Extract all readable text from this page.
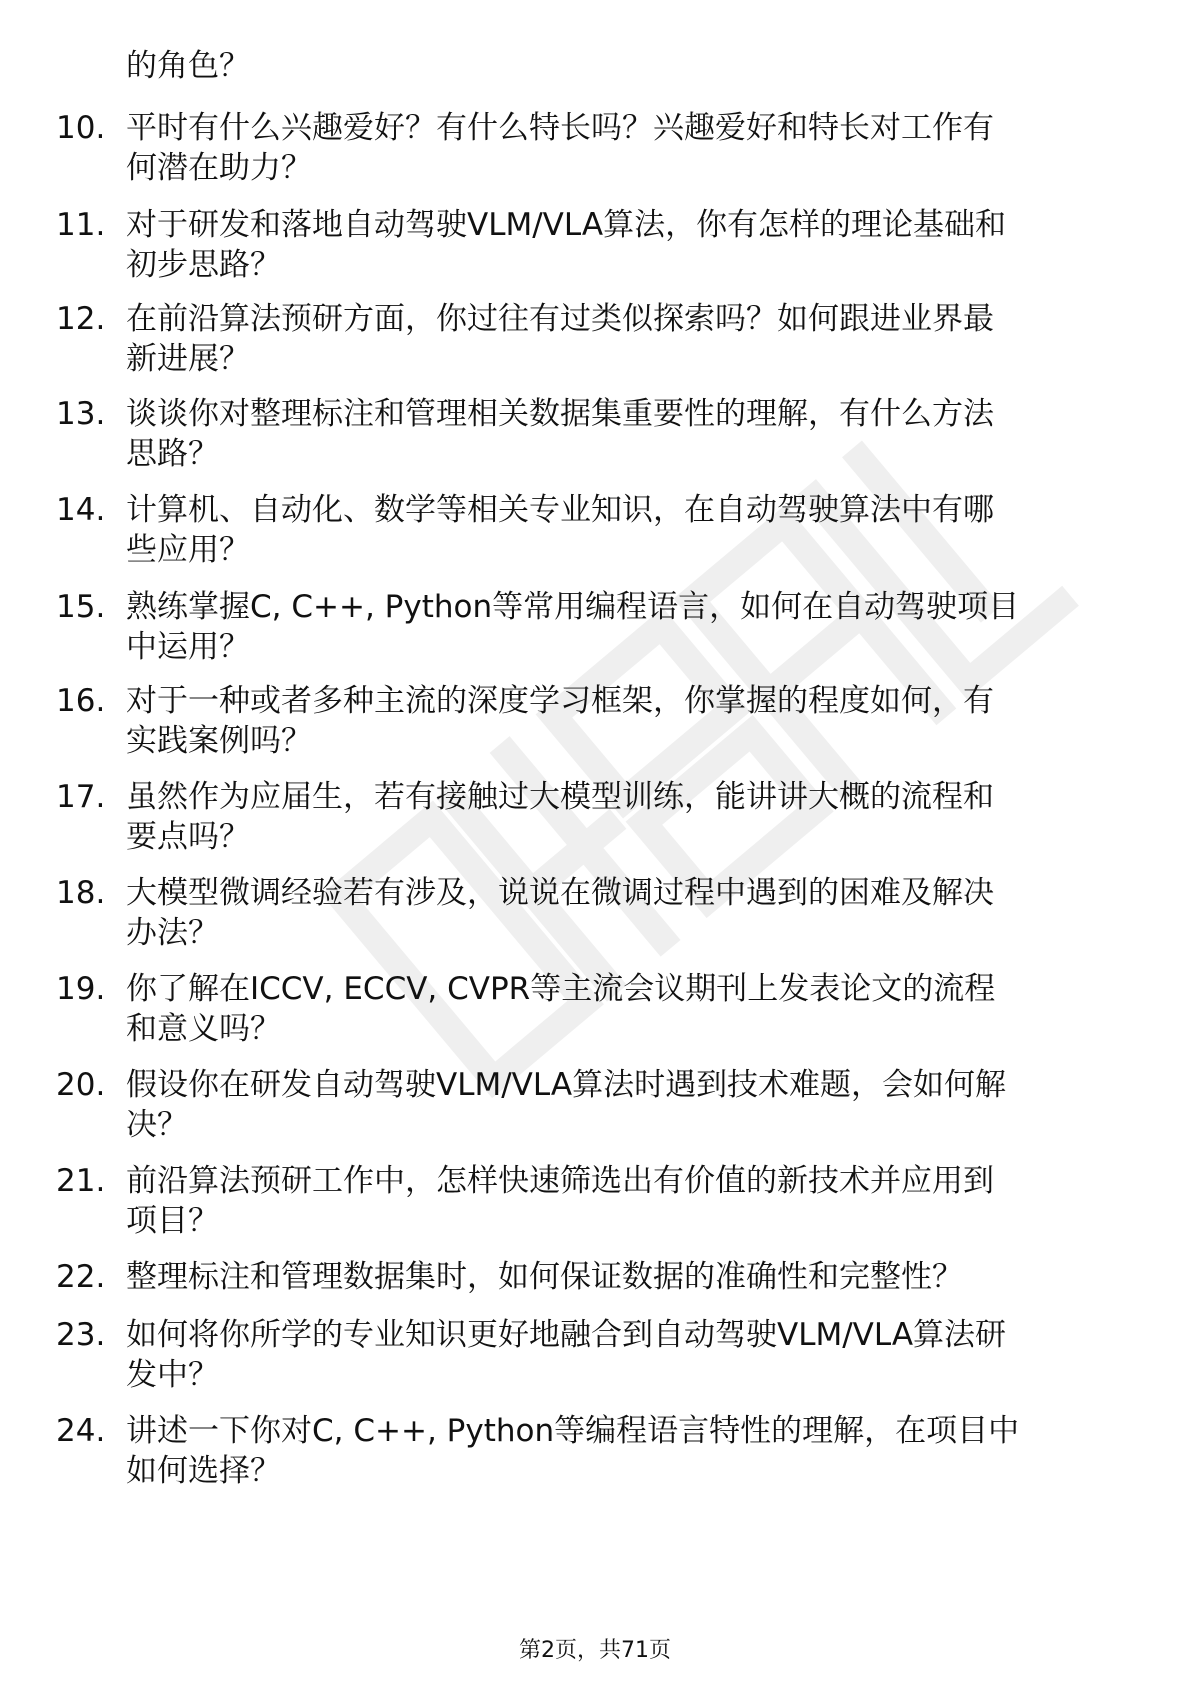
的角色？
10. 平时有什么兴趣爱好？有什么特长吗？兴趣爱好和特长对工作有
何潜在助力？
11. 对于研发和落地自动驾驶VLM/VLA算法，你有怎样的理论基础和
初步思路？
12. 在前沿算法预研方面，你过往有过类似探索吗？如何跟进业界最
新进展？
13. 谈谈你对整理标注和管理相关数据集重要性的理解，有什么方法
思路？
14. 计算机、自动化、数学等相关专业知识，在自动驾驶算法中有哪
些应用？
15. 熟练掌握C, C++, Python等常用编程语言，如何在自动驾驶项目
中运用？
16. 对于一种或者多种主流的深度学习框架，你掌握的程度如何，有
实践案例吗？
17. 虽然作为应届生，若有接触过大模型训练，能讲讲大概的流程和
要点吗？
18. 大模型微调经验若有涉及，说说在微调过程中遇到的困难及解决
办法？
19. 你了解在ICCV, ECCV, CVPR等主流会议期刊上发表论文的流程
和意义吗？
20. 假设你在研发自动驾驶VLM/VLA算法时遇到技术难题，会如何解
决？
21. 前沿算法预研工作中，怎样快速筛选出有价值的新技术并应用到
项目？
22. 整理标注和管理数据集时，如何保证数据的准确性和完整性？
23. 如何将你所学的专业知识更好地融合到自动驾驶VLM/VLA算法研
发中？
24. 讲述一下你对C, C++, Python等编程语言特性的理解，在项目中
如何选择？
第2页，共71页
